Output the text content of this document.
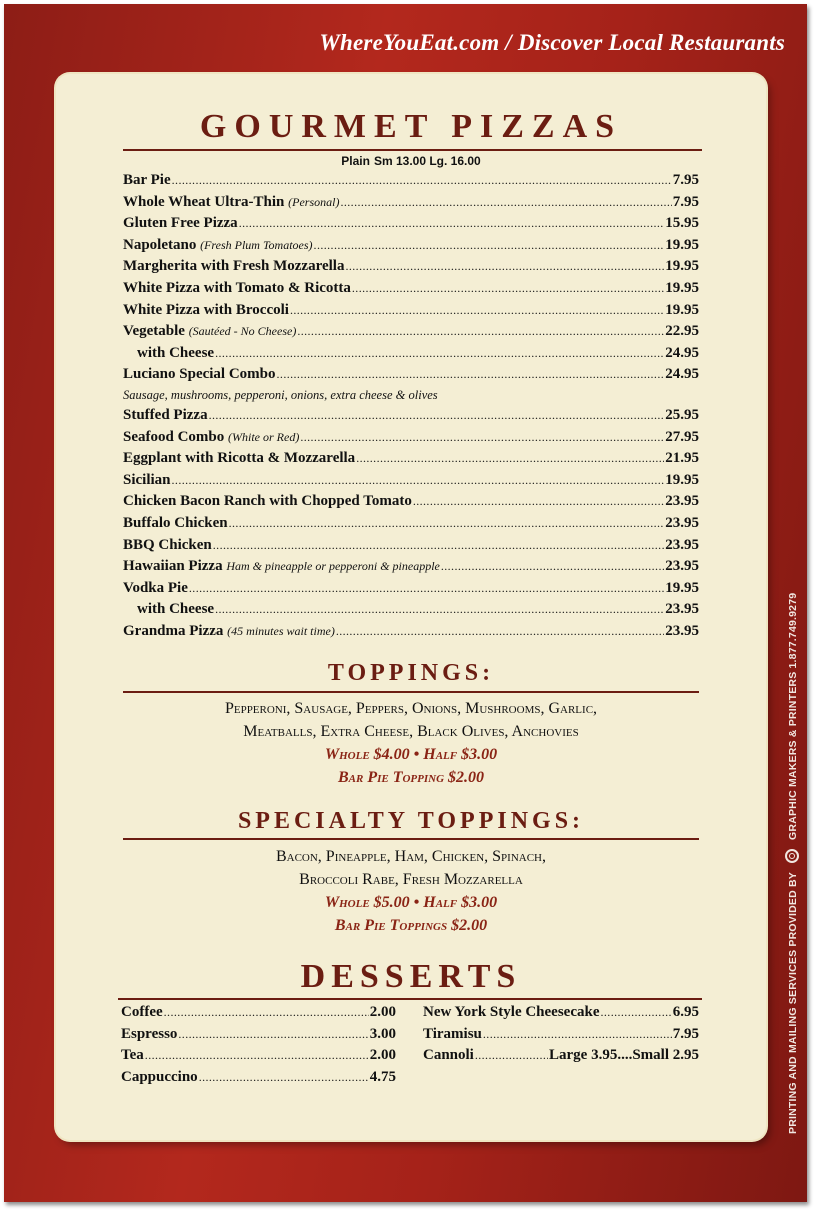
WhereYouEat.com / Discover Local Restaurants
PRINTING AND MAILING SERVICES PROVIDED BY  GRAPHIC MAKERS & PRINTERS 1.877.749.9279
GOURMET PIZZAS
Plain Sm 13.00 Lg. 16.00
Bar Pie .....	7.95
Whole Wheat Ultra-Thin (Personal) .....	7.95
Gluten Free Pizza .....	15.95
Napoletano (Fresh Plum Tomatoes) .....	19.95
Margherita with Fresh Mozzarella .....	19.95
White Pizza with Tomato & Ricotta .....	19.95
White Pizza with Broccoli .....	19.95
Vegetable (Sautéed - No Cheese) .....	22.95
with Cheese .....	24.95
Luciano Special Combo .....	24.95
Sausage, mushrooms, pepperoni, onions, extra cheese & olives
Stuffed Pizza .....	25.95
Seafood Combo (White or Red) .....	27.95
Eggplant with Ricotta & Mozzarella .....	21.95
Sicilian .....	19.95
Chicken Bacon Ranch with Chopped Tomato .....	23.95
Buffalo Chicken .....	23.95
BBQ Chicken .....	23.95
Hawaiian Pizza Ham & pineapple or pepperoni & pineapple .....	23.95
Vodka Pie .....	19.95
with Cheese .....	23.95
Grandma Pizza (45 minutes wait time) .....	23.95
TOPPINGS:
Pepperoni, Sausage, Peppers, Onions, Mushrooms, Garlic,
Meatballs, Extra Cheese, Black Olives, Anchovies
Whole $4.00 • Half $3.00
Bar Pie Topping $2.00
SPECIALTY TOPPINGS:
Bacon, Pineapple, Ham, Chicken, Spinach,
Broccoli Rabe, Fresh Mozzarella
Whole $5.00 • Half $3.00
Bar Pie Toppings $2.00
DESSERTS
Coffee .....	2.00
Espresso .....	3.00
Tea .....	2.00
Cappuccino .....	4.75
New York Style Cheesecake .....	6.95
Tiramisu .....	7.95
Cannoli .....	Large 3.95....Small 2.95
